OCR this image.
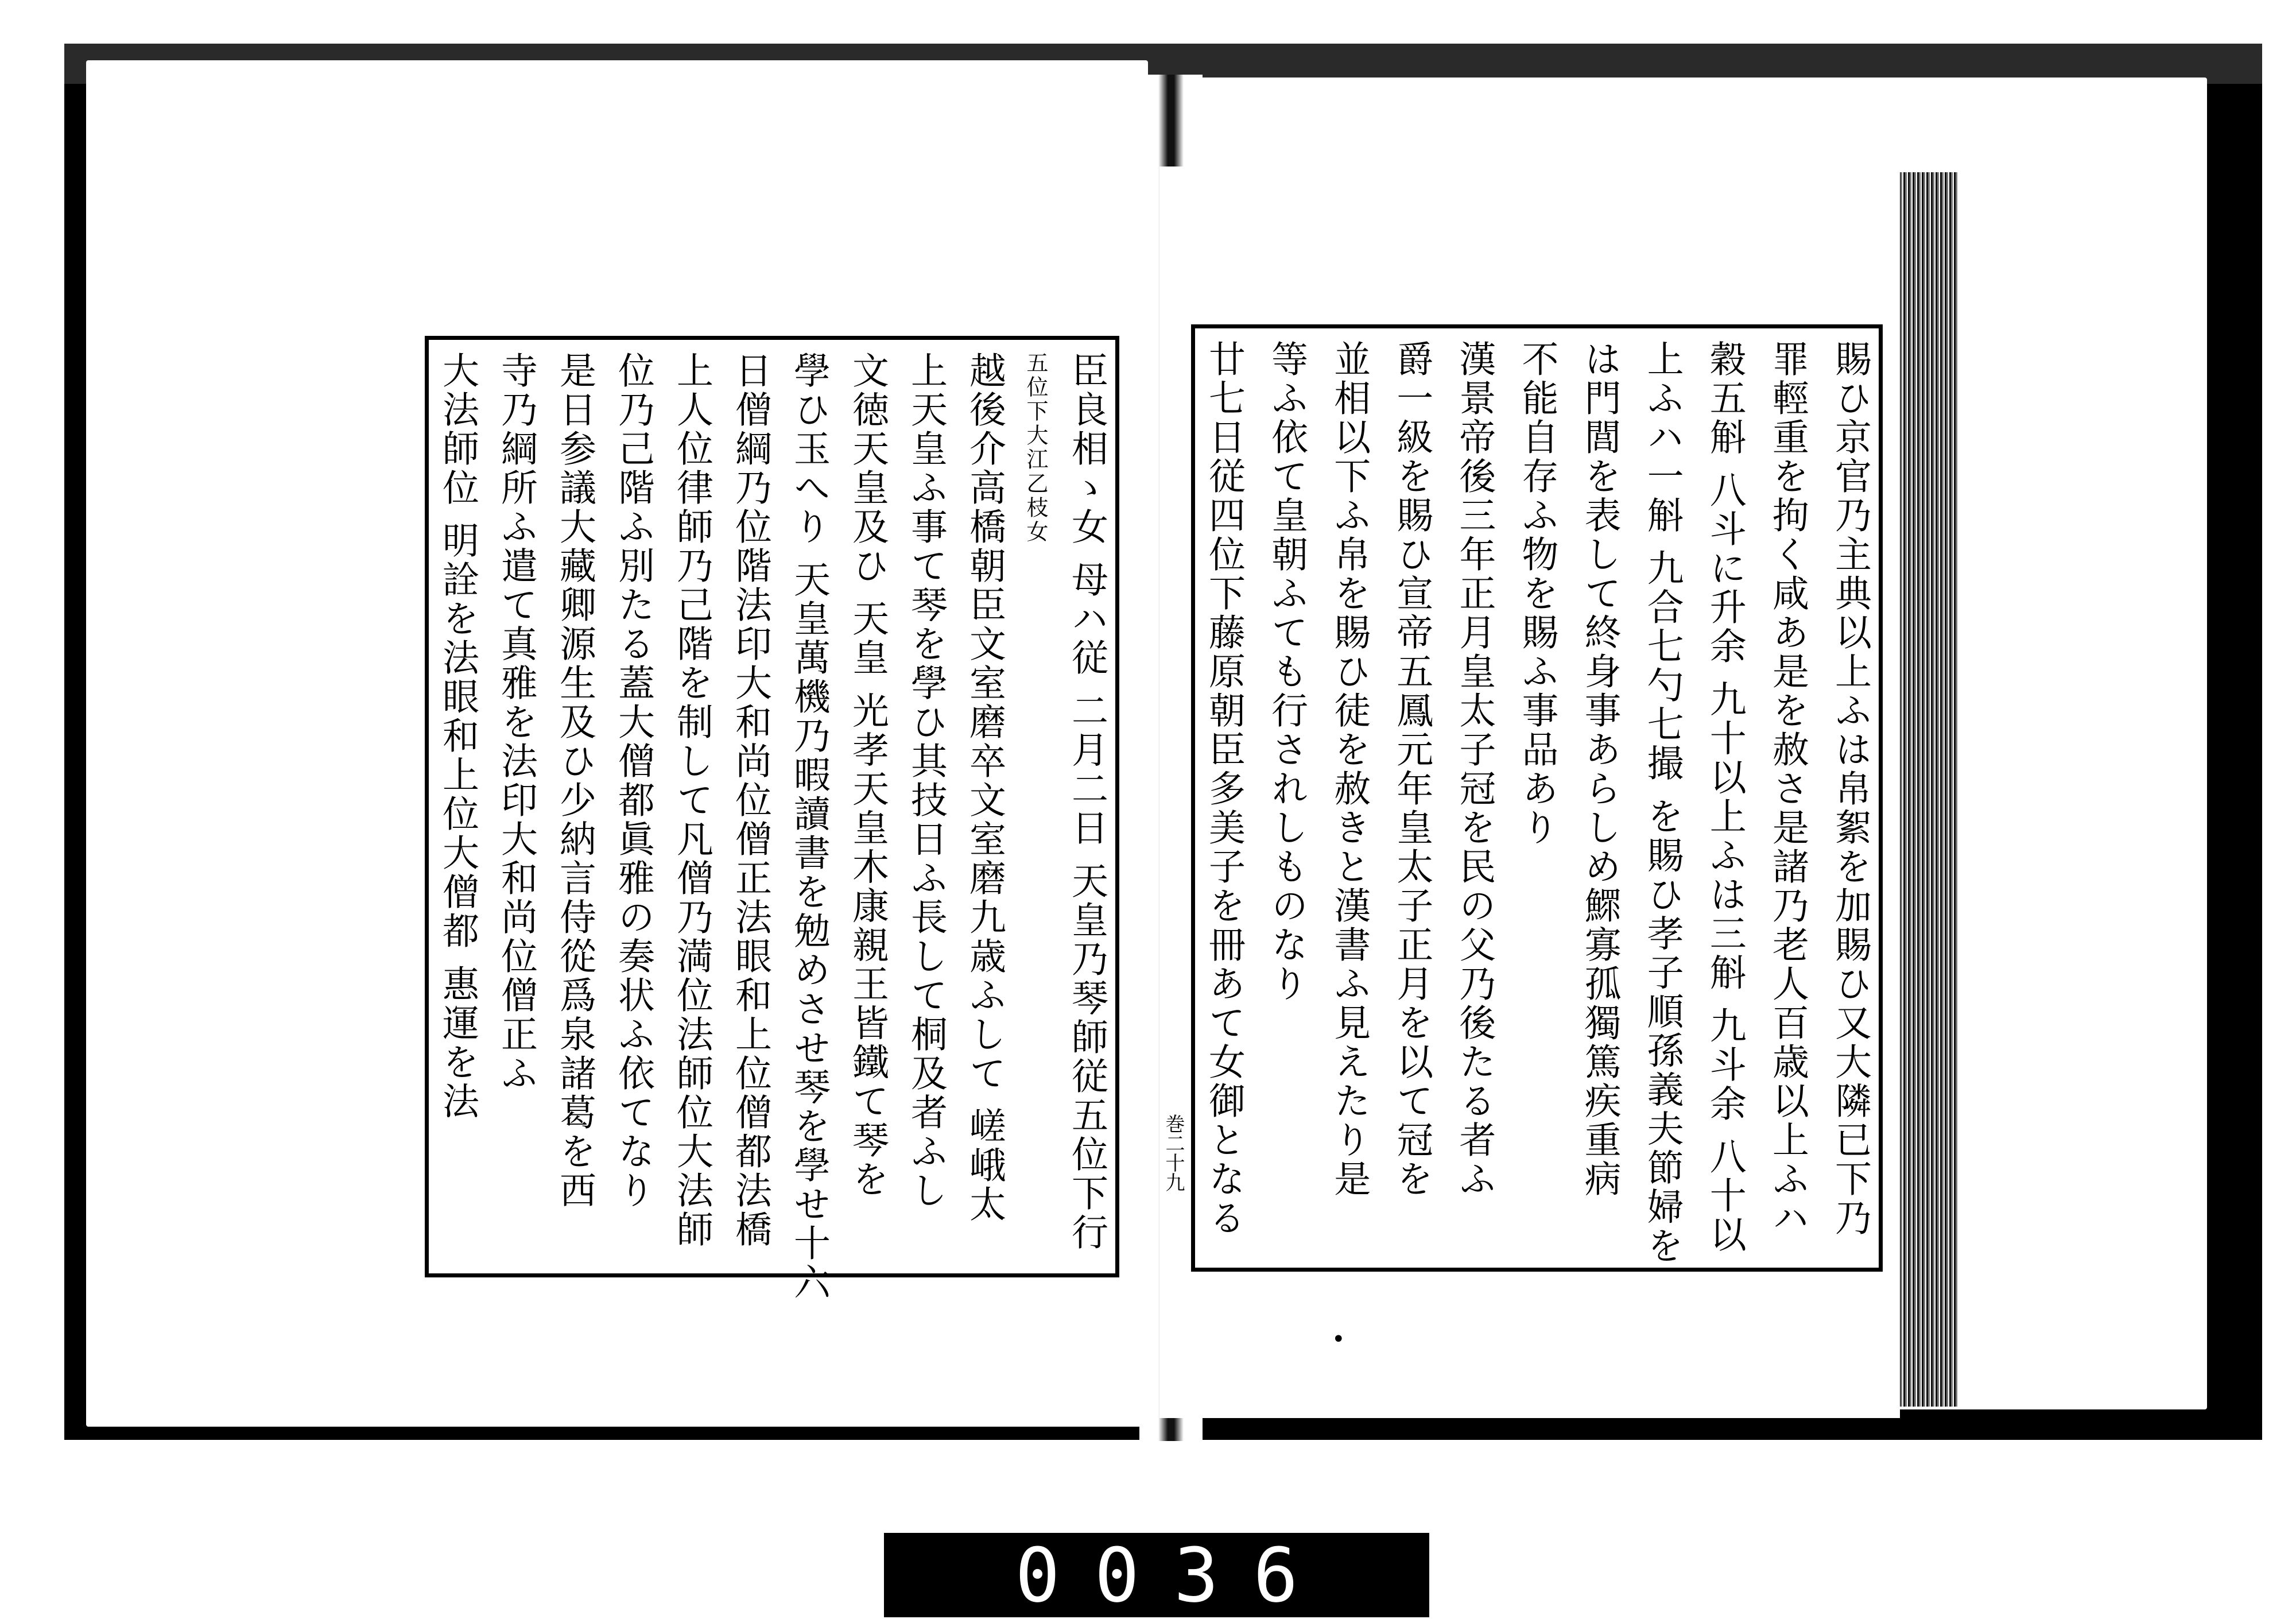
臣良相ゝ女 母ハ従 二月二日 天皇乃琴師従五位下行
五位下大江乙枝女
越後介高橋朝臣文室磨卒文室磨九歳ふして 嵯峨太
上天皇ふ事て琴を學ひ其技日ふ長して桐及者ふし
文徳天皇及ひ 天皇 光孝天皇木康親王皆鐵て琴を
學ひ玉へり 天皇萬機乃暇讀書を勉めさせ琴を學せ十六
日僧綱乃位階法印大和尚位僧正法眼和上位僧都法橋
上人位律師乃己階を制して凡僧乃満位法師位大法師
位乃己階ふ別たる蓋大僧都眞雅の奏状ふ依てなり
是日参議大藏卿源生及ひ少納言侍從爲泉諸葛を西
寺乃綱所ふ遣て真雅を法印大和尚位僧正ふ
大法師位 明詮を法眼和上位大僧都 惠運を法	賜ひ京官乃主典以上ふは帛絮を加賜ひ又大隣已下乃
罪輕重を拘く咸あ是を赦さ是諸乃老人百歳以上ふハ
穀五斛 八斗に升余 九十以上ふは三斛 九斗余 八十以
上ふハ一斛 九合七勺七撮 を賜ひ孝子順孫義夫節婦を
は門閭を表して終身事あらしめ鰥寡孤獨篤疾重病
不能自存ふ物を賜ふ事品あり
漢景帝後三年正月皇太子冠を民の父乃後たる者ふ
爵一級を賜ひ宣帝五鳳元年皇太子正月を以て冠を
並相以下ふ帛を賜ひ徒を赦きと漢書ふ見えたり是
等ふ依て皇朝ふても行されしものなり
廿七日従四位下藤原朝臣多美子を冊あて女御となる
巻二十九
•
0036
